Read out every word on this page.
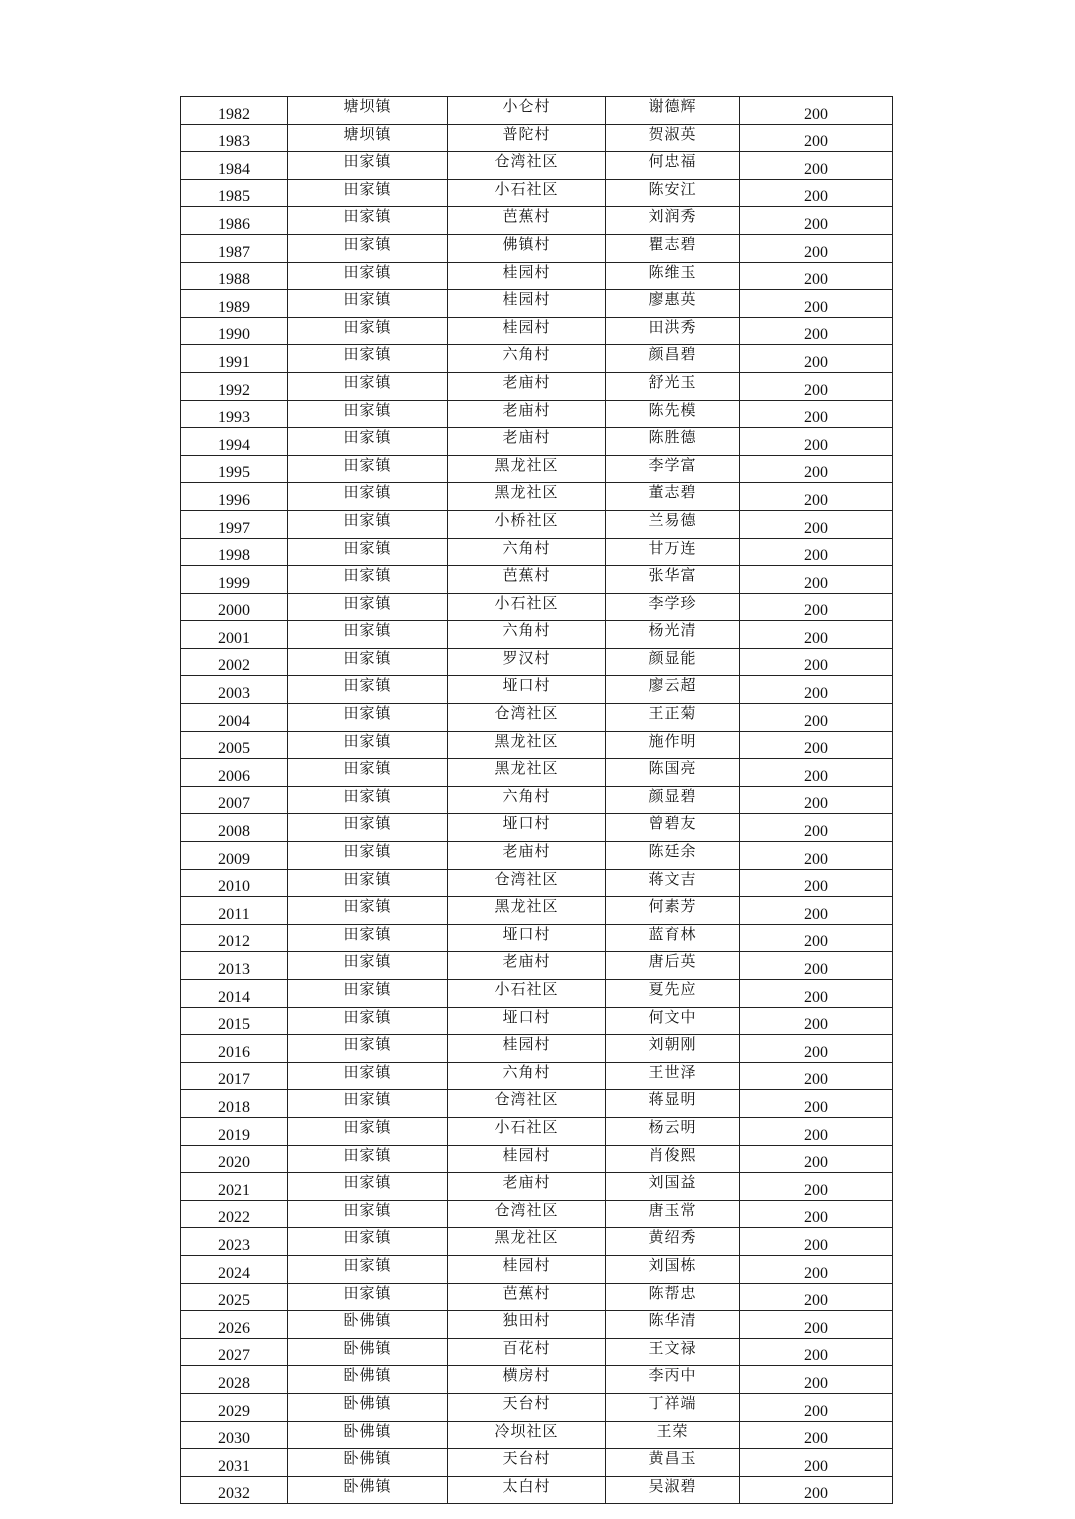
1982	塘坝镇	小仑村	谢德辉	200
1983	塘坝镇	普陀村	贺淑英	200
1984	田家镇	仓湾社区	何忠福	200
1985	田家镇	小石社区	陈安江	200
1986	田家镇	芭蕉村	刘润秀	200
1987	田家镇	佛镇村	瞿志碧	200
1988	田家镇	桂园村	陈维玉	200
1989	田家镇	桂园村	廖惠英	200
1990	田家镇	桂园村	田洪秀	200
1991	田家镇	六角村	颜昌碧	200
1992	田家镇	老庙村	舒光玉	200
1993	田家镇	老庙村	陈先模	200
1994	田家镇	老庙村	陈胜德	200
1995	田家镇	黑龙社区	李学富	200
1996	田家镇	黑龙社区	董志碧	200
1997	田家镇	小桥社区	兰易德	200
1998	田家镇	六角村	甘万连	200
1999	田家镇	芭蕉村	张华富	200
2000	田家镇	小石社区	李学珍	200
2001	田家镇	六角村	杨光清	200
2002	田家镇	罗汉村	颜显能	200
2003	田家镇	垭口村	廖云超	200
2004	田家镇	仓湾社区	王正菊	200
2005	田家镇	黑龙社区	施作明	200
2006	田家镇	黑龙社区	陈国亮	200
2007	田家镇	六角村	颜显碧	200
2008	田家镇	垭口村	曾碧友	200
2009	田家镇	老庙村	陈廷余	200
2010	田家镇	仓湾社区	蒋文吉	200
2011	田家镇	黑龙社区	何素芳	200
2012	田家镇	垭口村	蓝育林	200
2013	田家镇	老庙村	唐后英	200
2014	田家镇	小石社区	夏先应	200
2015	田家镇	垭口村	何文中	200
2016	田家镇	桂园村	刘朝刚	200
2017	田家镇	六角村	王世泽	200
2018	田家镇	仓湾社区	蒋显明	200
2019	田家镇	小石社区	杨云明	200
2020	田家镇	桂园村	肖俊熙	200
2021	田家镇	老庙村	刘国益	200
2022	田家镇	仓湾社区	唐玉常	200
2023	田家镇	黑龙社区	黄绍秀	200
2024	田家镇	桂园村	刘国栋	200
2025	田家镇	芭蕉村	陈帮忠	200
2026	卧佛镇	独田村	陈华清	200
2027	卧佛镇	百花村	王文禄	200
2028	卧佛镇	横房村	李丙中	200
2029	卧佛镇	天台村	丁祥端	200
2030	卧佛镇	冷坝社区	王荣	200
2031	卧佛镇	天台村	黄昌玉	200
2032	卧佛镇	太白村	吴淑碧	200
